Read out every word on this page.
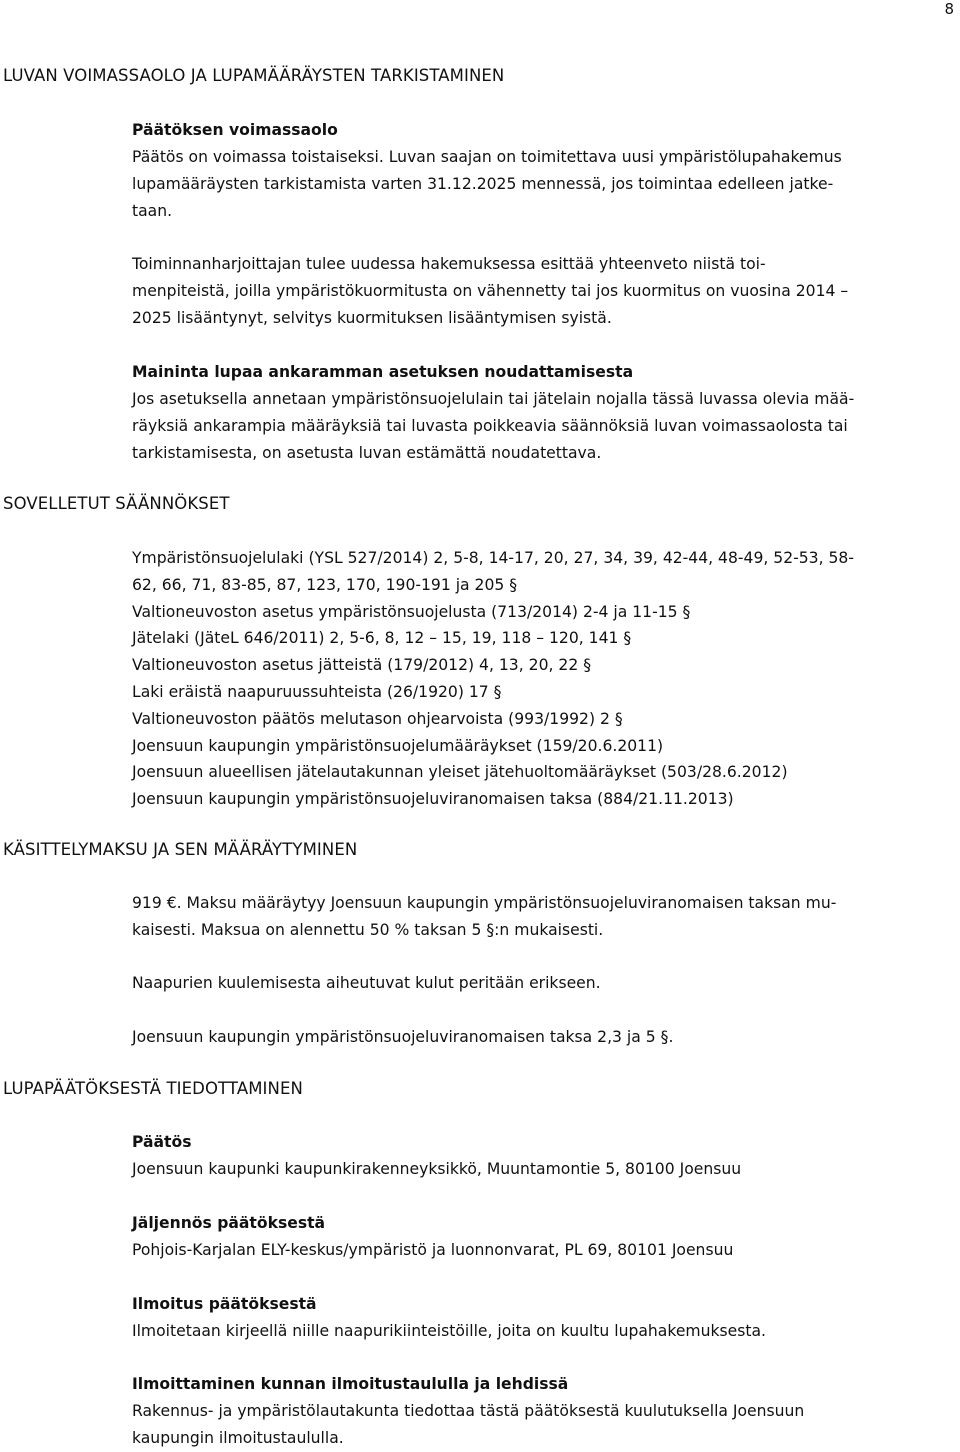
8
LUVAN VOIMASSAOLO JA LUPAMÄÄRÄYSTEN TARKISTAMINEN
Päätöksen voimassaolo
Päätös on voimassa toistaiseksi. Luvan saajan on toimitettava uusi ympäristölupahakemus
lupamääräysten tarkistamista varten 31.12.2025 mennessä, jos toimintaa edelleen jatke-
taan.
Toiminnanharjoittajan tulee uudessa hakemuksessa esittää yhteenveto niistä toi-
menpiteistä, joilla ympäristökuormitusta on vähennetty tai jos kuormitus on vuosina 2014 –
2025 lisääntynyt, selvitys kuormituksen lisääntymisen syistä.
Maininta lupaa ankaramman asetuksen noudattamisesta
Jos asetuksella annetaan ympäristönsuojelulain tai jätelain nojalla tässä luvassa olevia mää-
räyksiä ankarampia määräyksiä tai luvasta poikkeavia säännöksiä luvan voimassaolosta tai
tarkistamisesta, on asetusta luvan estämättä noudatettava.
SOVELLETUT SÄÄNNÖKSET
Ympäristönsuojelulaki (YSL 527/2014) 2, 5-8, 14-17, 20, 27, 34, 39, 42-44, 48-49, 52-53, 58-
62, 66, 71, 83-85, 87, 123, 170, 190-191 ja 205 §
Valtioneuvoston asetus ympäristönsuojelusta (713/2014) 2-4 ja 11-15 §
Jätelaki (JäteL 646/2011) 2, 5-6, 8, 12 – 15, 19, 118 – 120, 141 §
Valtioneuvoston asetus jätteistä (179/2012) 4, 13, 20, 22 §
Laki eräistä naapuruussuhteista (26/1920) 17 §
Valtioneuvoston päätös melutason ohjearvoista (993/1992) 2 §
Joensuun kaupungin ympäristönsuojelumääräykset (159/20.6.2011)
Joensuun alueellisen jätelautakunnan yleiset jätehuoltomääräykset (503/28.6.2012)
Joensuun kaupungin ympäristönsuojeluviranomaisen taksa (884/21.11.2013)
KÄSITTELYMAKSU JA SEN MÄÄRÄYTYMINEN
919 €. Maksu määräytyy Joensuun kaupungin ympäristönsuojeluviranomaisen taksan mu-
kaisesti. Maksua on alennettu 50 % taksan 5 §:n mukaisesti.
Naapurien kuulemisesta aiheutuvat kulut peritään erikseen.
Joensuun kaupungin ympäristönsuojeluviranomaisen taksa 2,3 ja 5 §.
LUPAPÄÄTÖKSESTÄ TIEDOTTAMINEN
Päätös
Joensuun kaupunki kaupunkirakenneyksikkö, Muuntamontie 5, 80100 Joensuu
Jäljennös päätöksestä
Pohjois-Karjalan ELY-keskus/ympäristö ja luonnonvarat, PL 69, 80101 Joensuu
Ilmoitus päätöksestä
Ilmoitetaan kirjeellä niille naapurikiinteistöille, joita on kuultu lupahakemuksesta.
Ilmoittaminen kunnan ilmoitustaululla ja lehdissä
Rakennus- ja ympäristölautakunta tiedottaa tästä päätöksestä kuulutuksella Joensuun
kaupungin ilmoitustaululla.
